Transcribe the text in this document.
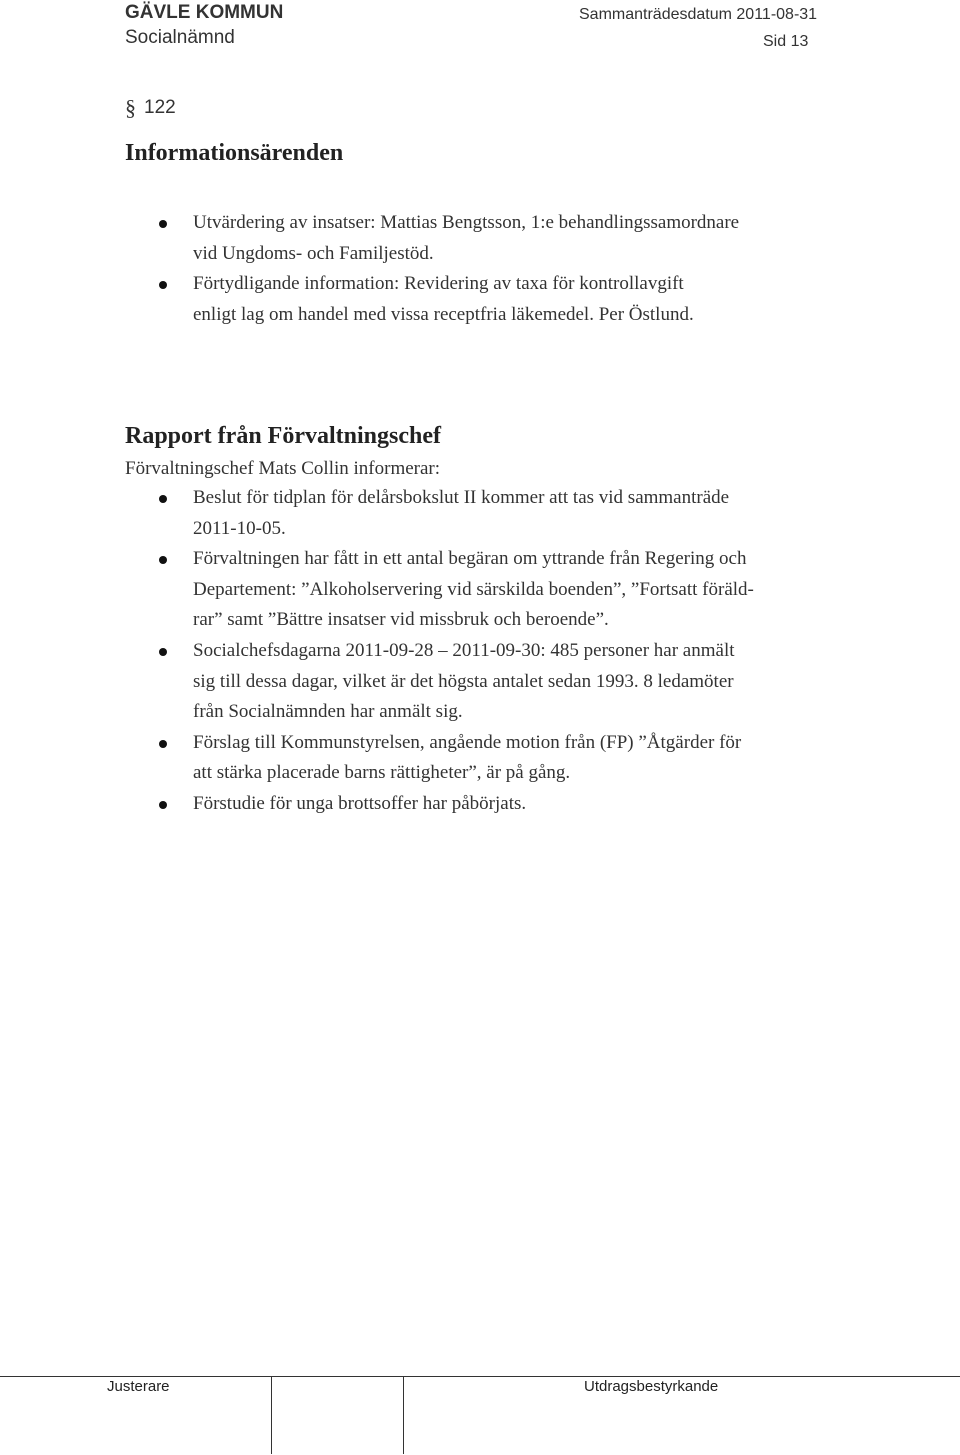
GÄVLE KOMMUN
Socialnämnd
Sammanträdesdatum 2011-08-31
Sid 13
§ 122
Informationsärenden
Utvärdering av insatser: Mattias Bengtsson, 1:e behandlingssamordnare
vid Ungdoms- och Familjestöd.
Förtydligande information: Revidering av taxa för kontrollavgift
enligt lag om handel med vissa receptfria läkemedel. Per Östlund.
Rapport från Förvaltningschef
Förvaltningschef Mats Collin informerar:
Beslut för tidplan för delårsbokslut II kommer att tas vid sammanträde
2011-10-05.
Förvaltningen har fått in ett antal begäran om yttrande från Regering och
Departement: ”Alkoholservering vid särskilda boenden”, ”Fortsatt föräld-
rar” samt ”Bättre insatser vid missbruk och beroende”.
Socialchefsdagarna 2011-09-28 – 2011-09-30: 485 personer har anmält
sig till dessa dagar, vilket är det högsta antalet sedan 1993. 8 ledamöter
från Socialnämnden har anmält sig.
Förslag till Kommunstyrelsen, angående motion från (FP) ”Åtgärder för
att stärka placerade barns rättigheter”, är på gång.
Förstudie för unga brottsoffer har påbörjats.
Justerare	Utdragsbestyrkande
